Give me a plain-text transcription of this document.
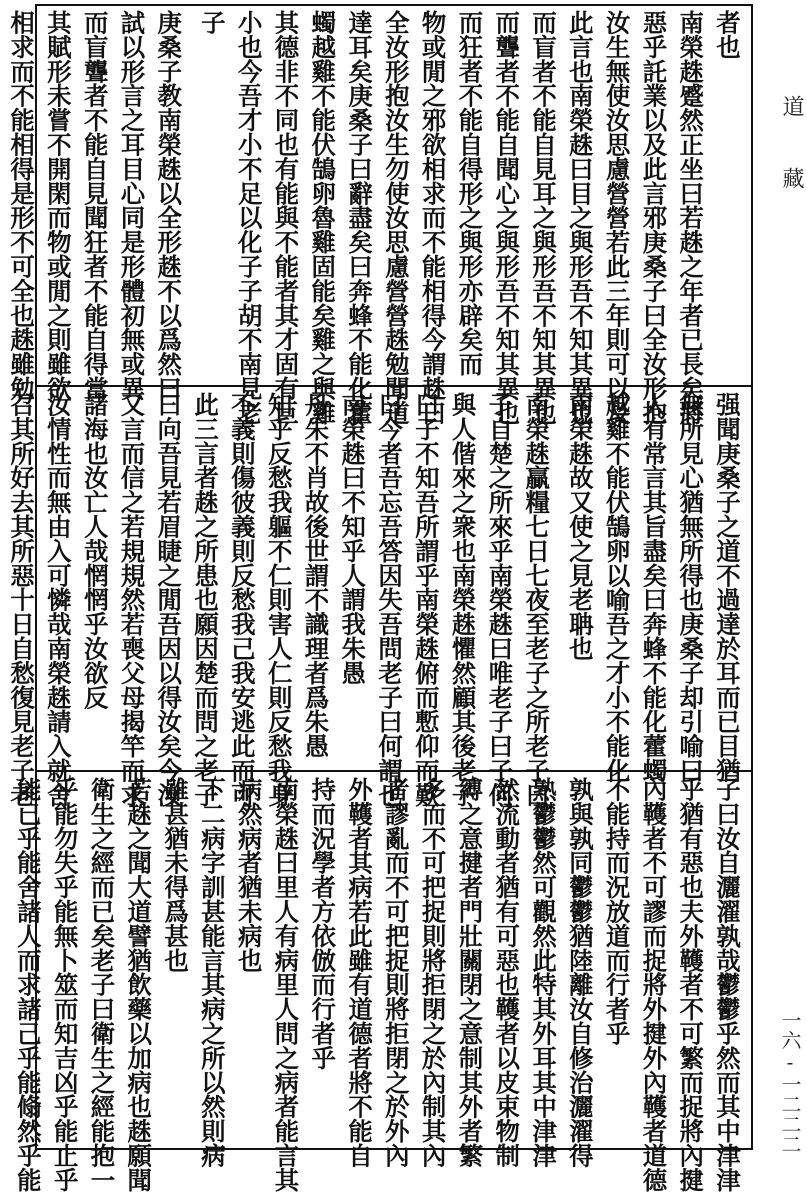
者也
南榮趎蹙然正坐曰若趎之年者已長矣將
惡乎託業以及此言邪庚桑子曰全汝形抱
汝生無使汝思慮營營若此三年則可以及
此言也南榮趎曰目之與形吾不知其異也
而盲者不能自見耳之與形吾不知其異也
而聾者不能自聞心之與形吾不知其異也
而狂者不能自得形之與形亦辟矣而
物或閒之邪欲相求而不能相得今謂趎曰
全汝形抱汝生勿使汝思慮營營趎勉聞道
達耳矣庚桑子曰辭盡矣曰奔蜂不能化藿
蠋越雞不能伏鵠卵魯雞固能矣雞之與雞
其德非不同也有能與不能者其才固有巨
小也今吾才小不足以化子子胡不南見老
子
庚桑子教南榮趎以全形趎不以爲然曰
試以形言之耳目心同是形體初無或異
而盲聾者不能自見聞狂者不能自得當
其賦形未嘗不開閑而物或閒之則雖欲
相求而不能相得是形不可全也趎雖勉
强聞庚桑子之道不過達於耳而已目猶
無所見心猶無所得也庚桑子却引喻曰
人有常言其旨盡矣曰奔蜂不能化藿蠋
越雞不能伏鵠卵以喻吾之才小不能化
南榮趎故又使之見老聃也
南榮趎贏糧七日七夜至老子之所老子曰
子自楚之所來乎南榮趎曰唯老子曰子何
與人偕來之衆也南榮趎懼然顧其後老子
曰子不知吾所謂乎南榮趎俯而慙仰而歎
曰今者吾忘吾答因失吾問老子曰何謂也
南榮趎曰不知乎人謂我朱愚
丹朱不肖故後世謂不識理者爲朱愚
知乎反愁我軀不仁則害人仁則反愁我身
不義則傷彼義則反愁我己我安逃此而可
此三言者趎之所患也願因楚而問之老子
曰向吾見若眉睫之閒吾因以得汝矣今汝
又言而信之若規規然若喪父母揭竿而求
諸海也汝亡人哉惘惘乎汝欲反
汝情性而無由入可憐哉南榮趎請入就舍
召其所好去其所惡十日自愁復見老子老
子曰汝自灑濯孰哉鬱鬱乎然而其中津津
乎猶有惡也夫外韄者不可繁而捉將內揵
內韄者不可謬而捉將外揵外內韄者道德
不能持而況放道而行者乎
孰與孰同鬱鬱猶陸離汝自修治灑濯得
熟鬱鬱然可觀然此特其外耳其中津津
然流動者猶有可惡也韄者以皮束物制
縛之意揵者門壯關閉之意制其外者繁
多而不可把捉則將拒閉之於內制其內
者謬亂而不可把捉則將拒閉之於外內
外韄者其病若此雖有道德者將不能自
持而況學者方依倣而行者乎
南榮趎曰里人有病里人問之病者能言其
病然病者猶未病也
下二病字訓甚能言其病之所以然則病
雖甚猶未得爲甚也
若趎之聞大道譬猶飲藥以加病也趎願聞
衛生之經而已矣老子曰衛生之經能抱一
乎能勿失乎能無卜筮而知吉凶乎能止乎
能已乎能舍諸人而求諸己乎能翛然乎能
道藏
一六-一二二二
